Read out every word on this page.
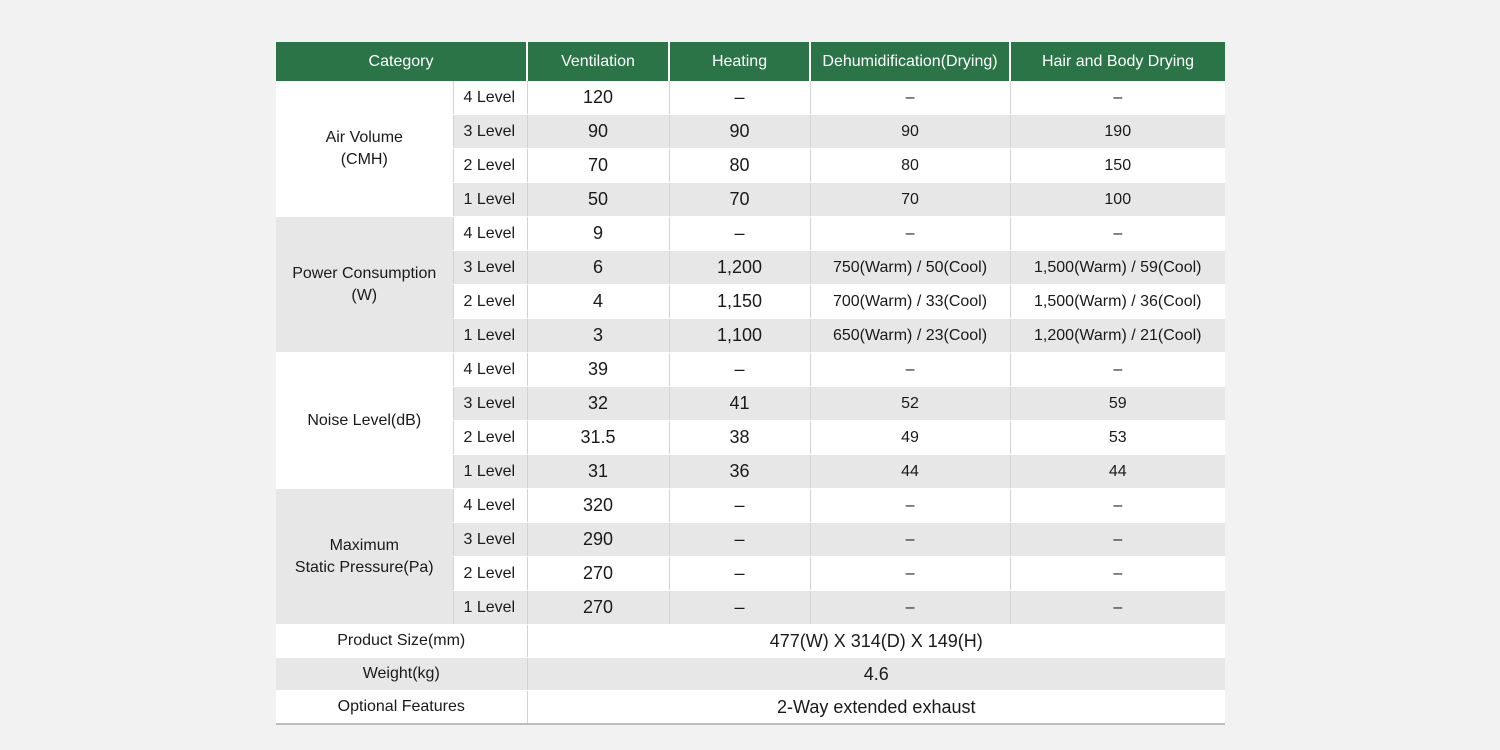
Category		Ventilation	Heating	Dehumidification(Drying)	Hair and Body Drying
Air Volume
(CMH)	4 Level	120	–	–	–
	3 Level	90	90	90	190
	2 Level	70	80	80	150
	1 Level	50	70	70	100
Power Consumption
(W)	4 Level	9	–	–	–
	3 Level	6	1,200	750(Warm) / 50(Cool)	1,500(Warm) / 59(Cool)
	2 Level	4	1,150	700(Warm) / 33(Cool)	1,500(Warm) / 36(Cool)
	1 Level	3	1,100	650(Warm) / 23(Cool)	1,200(Warm) / 21(Cool)
Noise Level(dB)	4 Level	39	–	–	–
	3 Level	32	41	52	59
	2 Level	31.5	38	49	53
	1 Level	31	36	44	44
Maximum
Static Pressure(Pa)	4 Level	320	–	–	–
	3 Level	290	–	–	–
	2 Level	270	–	–	–
	1 Level	270	–	–	–
Product Size(mm)		477(W) X 314(D) X 149(H)			
Weight(kg)		4.6			
Optional Features		2-Way extended exhaust			
